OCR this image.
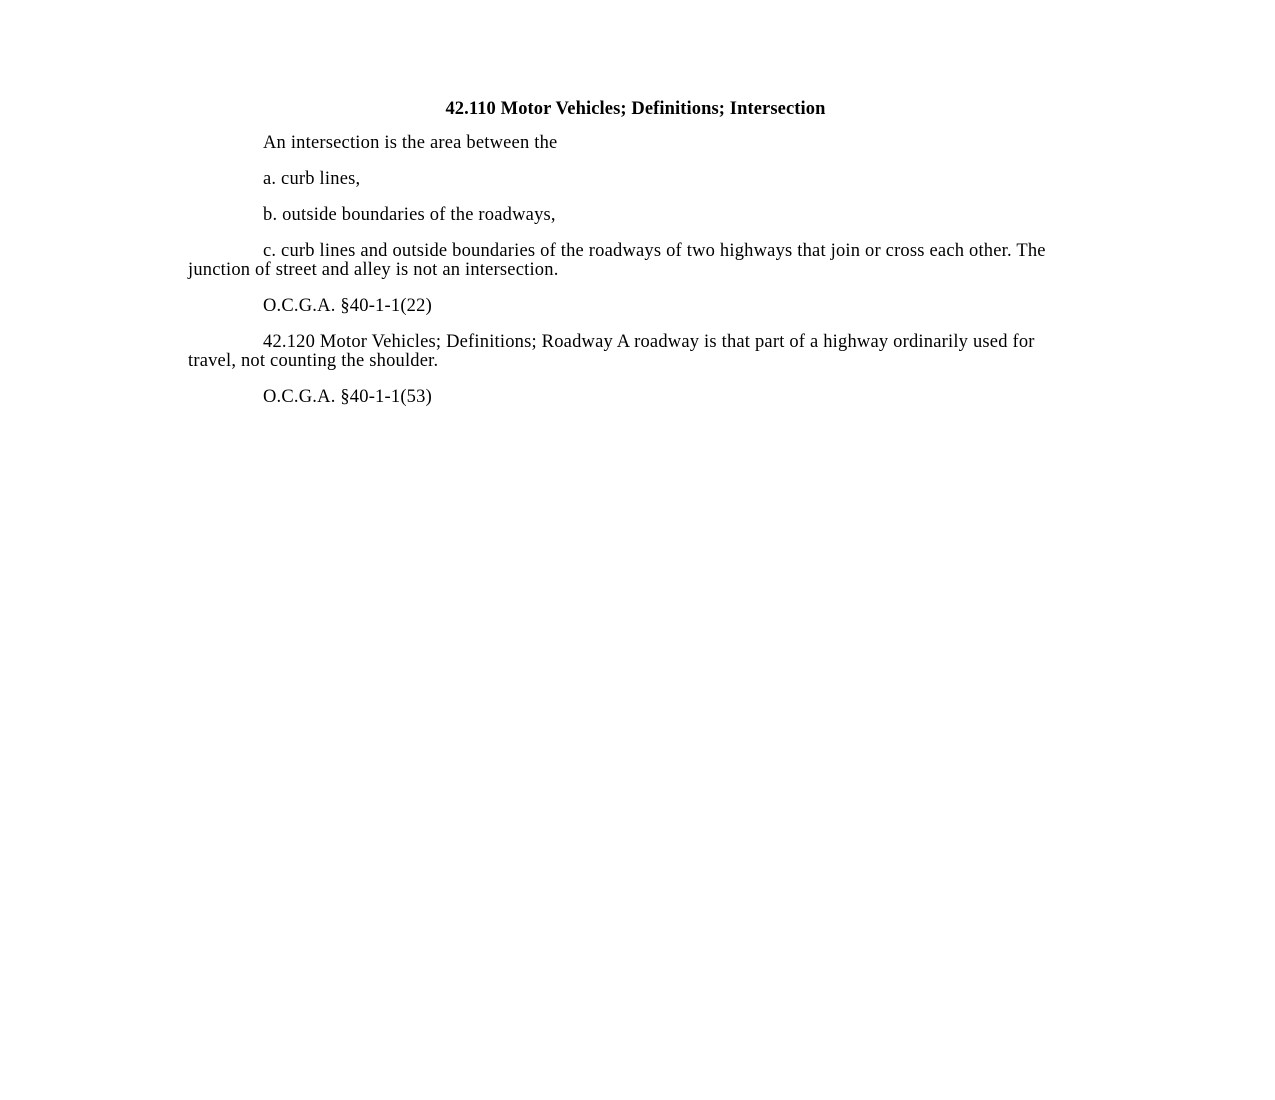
42.110 Motor Vehicles; Definitions; Intersection

An intersection is the area between the

a. curb lines,

b. outside boundaries of the roadways,

c. curb lines and outside boundaries of the roadways of two highways that join or cross each other. The junction of street and alley is not an intersection.

O.C.G.A. §40-1-1(22)

42.120 Motor Vehicles; Definitions; Roadway A roadway is that part of a highway ordinarily used for travel, not counting the shoulder.

O.C.G.A. §40-1-1(53)
